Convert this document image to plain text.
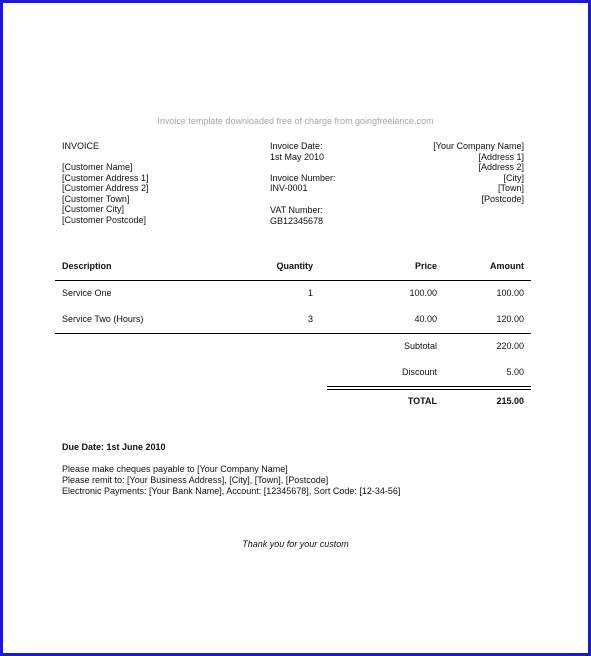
Invoice template downloaded free of charge from goingfreelance.com
INVOICE
[Customer Name]
[Customer Address 1]
[Customer Address 2]
[Customer Town]
[Customer City]
[Customer Postcode]
Invoice Date:
1st May 2010
Invoice Number:
INV-0001
VAT Number:
GB12345678
[Your Company Name]
[Address 1]
[Address 2]
[City]
[Town]
[Postcode]
Description	Quantity	Price	Amount
Service One	1	100.00	100.00
Service Two (Hours)	3	40.00	120.00
Subtotal	220.00
Discount	5.00
TOTAL	215.00
Due Date: 1st June 2010
Please make cheques payable to [Your Company Name]
Please remit to: [Your Business Address], [City], [Town], [Postcode]
Electronic Payments: [Your Bank Name], Account: [12345678], Sort Code: [12-34-56]
Thank you for your custom
